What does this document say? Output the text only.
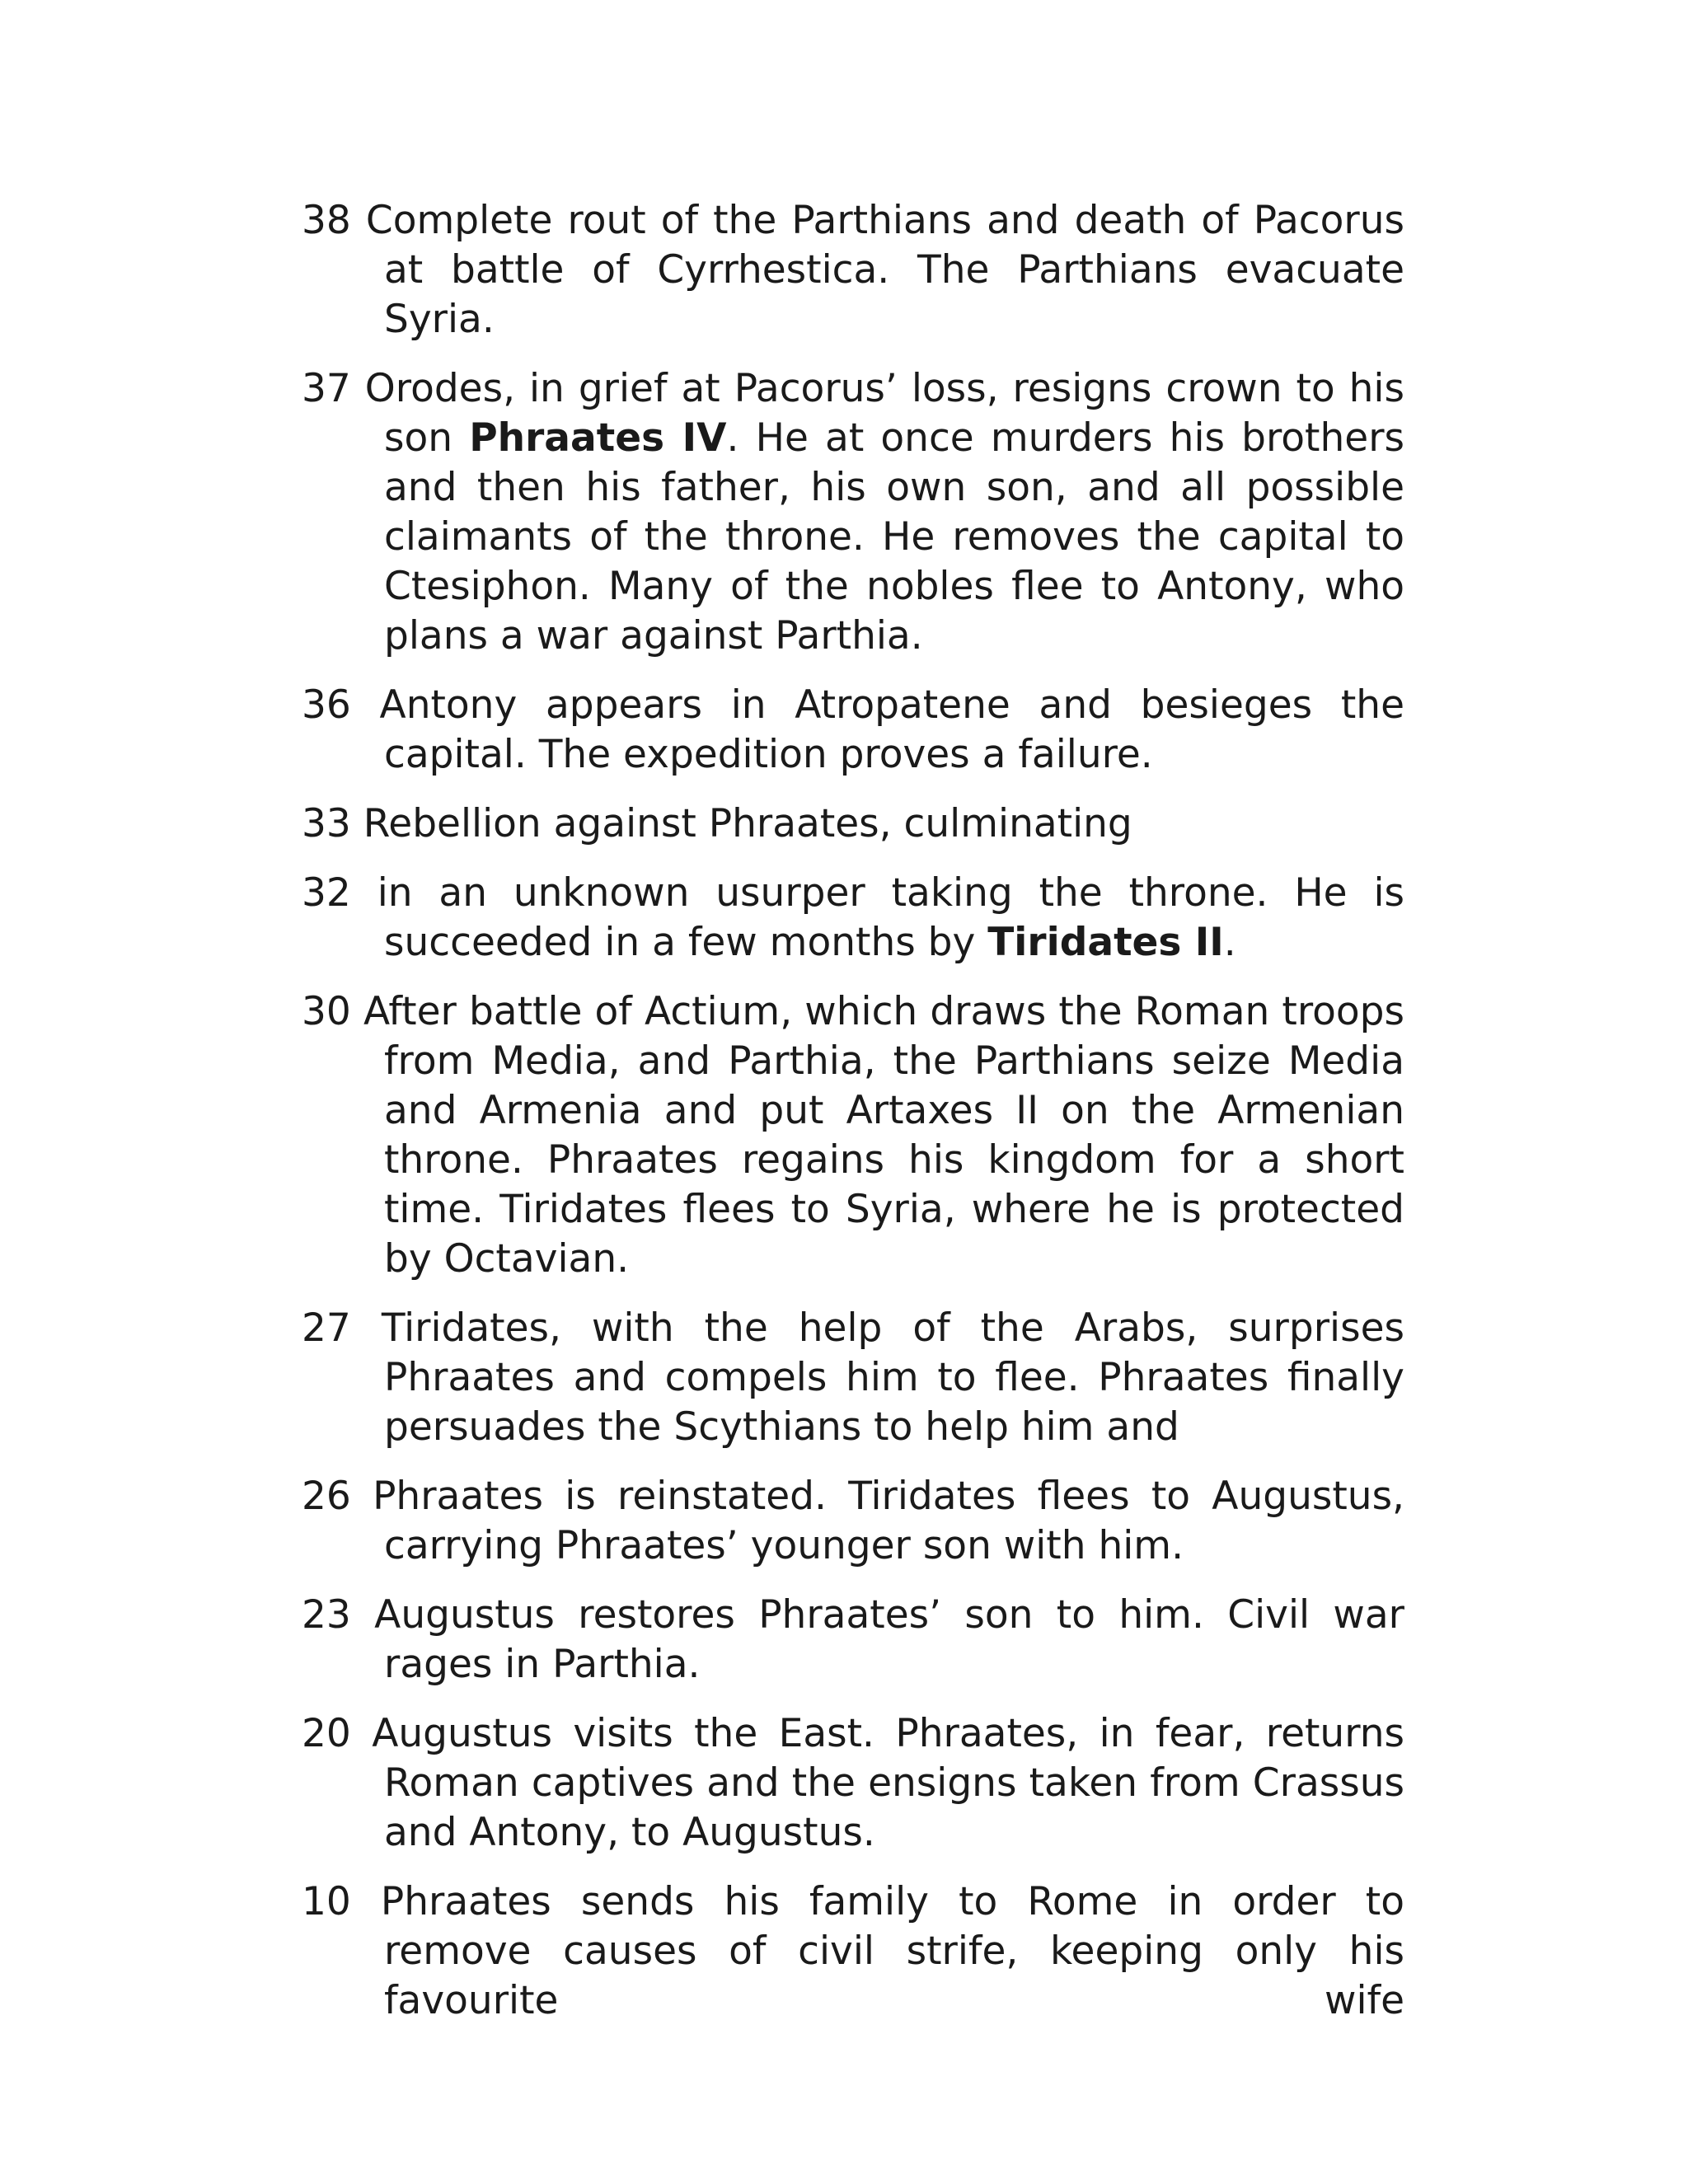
38 Complete rout of the Parthians and death of Pacorus at battle of Cyrrhestica. The Parthians evacuate Syria.

37 Orodes, in grief at Pacorus’ loss, resigns crown to his son Phraates IV. He at once murders his brothers and then his father, his own son, and all possible claimants of the throne. He removes the capital to Ctesiphon. Many of the nobles flee to Antony, who plans a war against Parthia.

36 Antony appears in Atropatene and besieges the capital. The expedition proves a failure.

33 Rebellion against Phraates, culminating

32 in an unknown usurper taking the throne. He is succeeded in a few months by Tiridates II.

30 After battle of Actium, which draws the Roman troops from Media, and Parthia, the Parthians seize Media and Armenia and put Artaxes II on the Armenian throne. Phraates regains his kingdom for a short time. Tiridates flees to Syria, where he is protected by Octavian.

27 Tiridates, with the help of the Arabs, surprises Phraates and compels him to flee. Phraates finally persuades the Scythians to help him and

26 Phraates is reinstated. Tiridates flees to Augustus, carrying Phraates’ younger son with him.

23 Augustus restores Phraates’ son to him. Civil war rages in Parthia.

20 Augustus visits the East. Phraates, in fear, returns Roman captives and the ensigns taken from Crassus and Antony, to Augustus.

10 Phraates sends his family to Rome in order to remove causes of civil strife, keeping only his favourite wife
